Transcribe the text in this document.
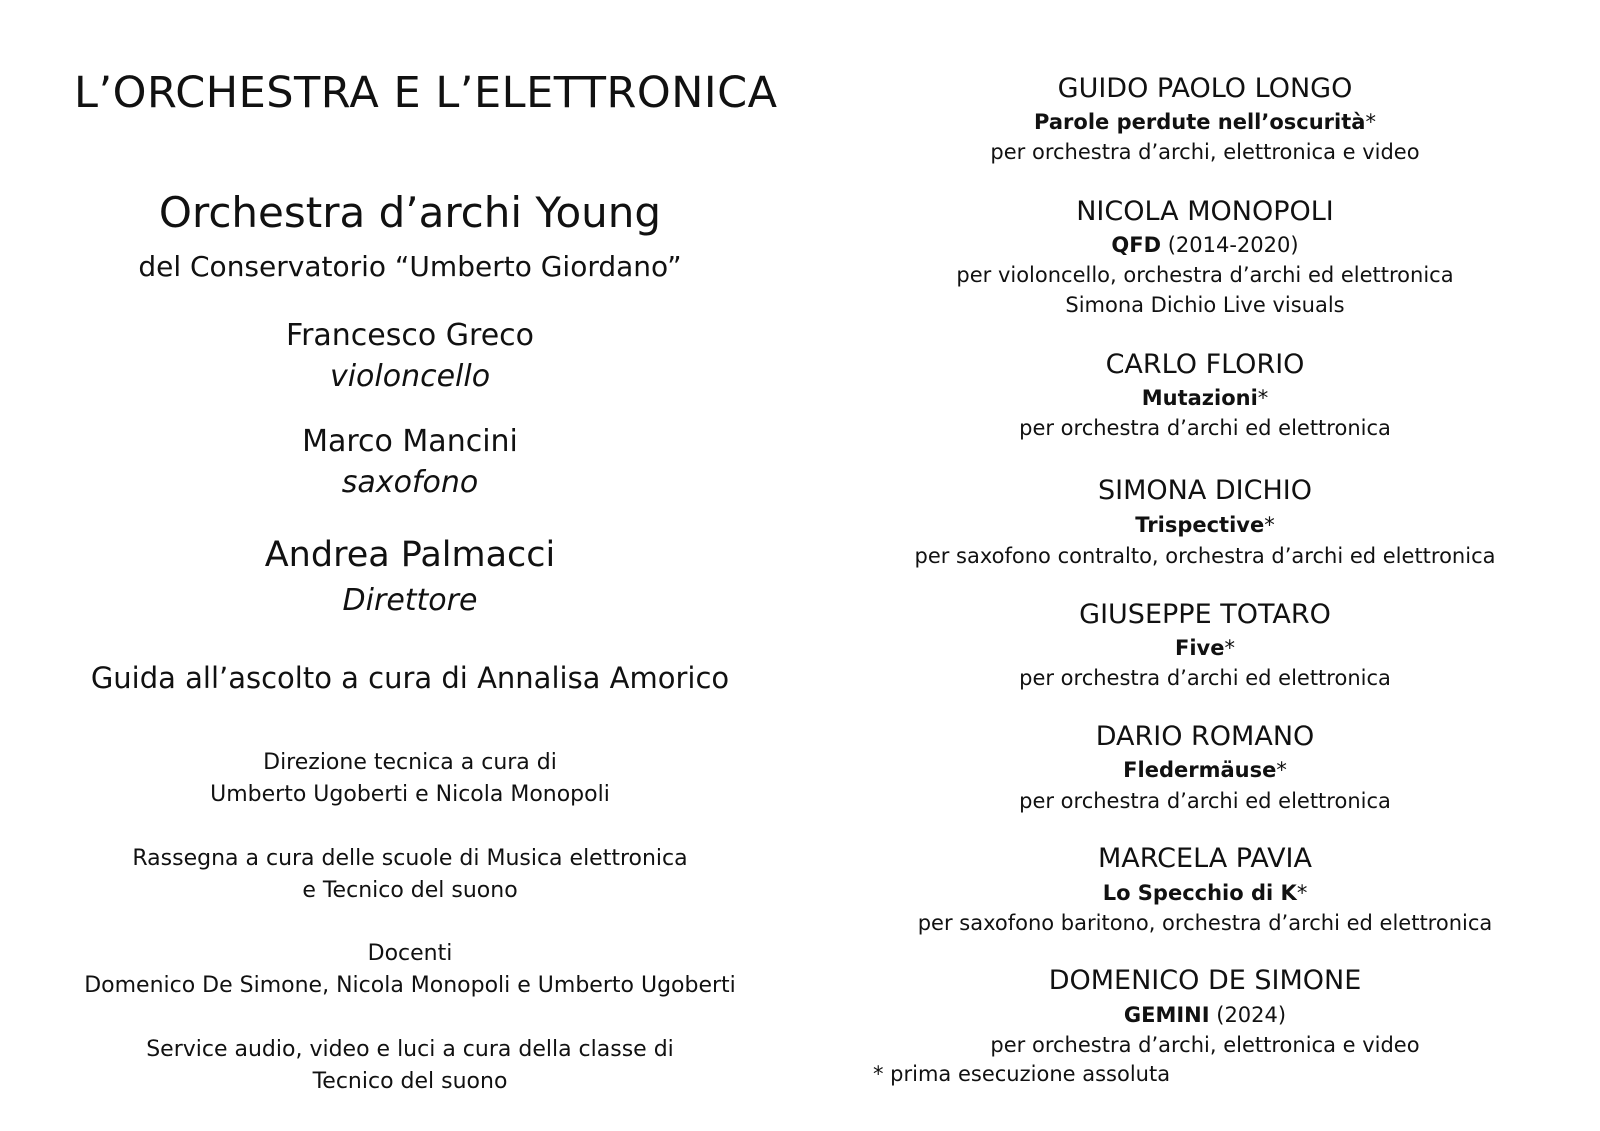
L’ORCHESTRA E L’ELETTRONICA
Orchestra d’archi Young
del Conservatorio “Umberto Giordano”
Francesco Greco
violoncello
Marco Mancini
saxofono
Andrea Palmacci
Direttore
Guida all’ascolto a cura di Annalisa Amorico
Direzione tecnica a cura di
Umberto Ugoberti e Nicola Monopoli
Rassegna a cura delle scuole di Musica elettronica
e Tecnico del suono
Docenti
Domenico De Simone, Nicola Monopoli e Umberto Ugoberti
Service audio, video e luci a cura della classe di
Tecnico del suono
GUIDO PAOLO LONGO
Parole perdute nell’oscurità*
per orchestra d’archi, elettronica e video
NICOLA MONOPOLI
QFD (2014-2020)
per violoncello, orchestra d’archi ed elettronica
Simona Dichio Live visuals
CARLO FLORIO
Mutazioni*
per orchestra d’archi ed elettronica
SIMONA DICHIO
Trispective*
per saxofono contralto, orchestra d’archi ed elettronica
GIUSEPPE TOTARO
Five*
per orchestra d’archi ed elettronica
DARIO ROMANO
Fledermäuse*
per orchestra d’archi ed elettronica
MARCELA PAVIA
Lo Specchio di K*
per saxofono baritono, orchestra d’archi ed elettronica
DOMENICO DE SIMONE
GEMINI (2024)
per orchestra d’archi, elettronica e video
* prima esecuzione assoluta
